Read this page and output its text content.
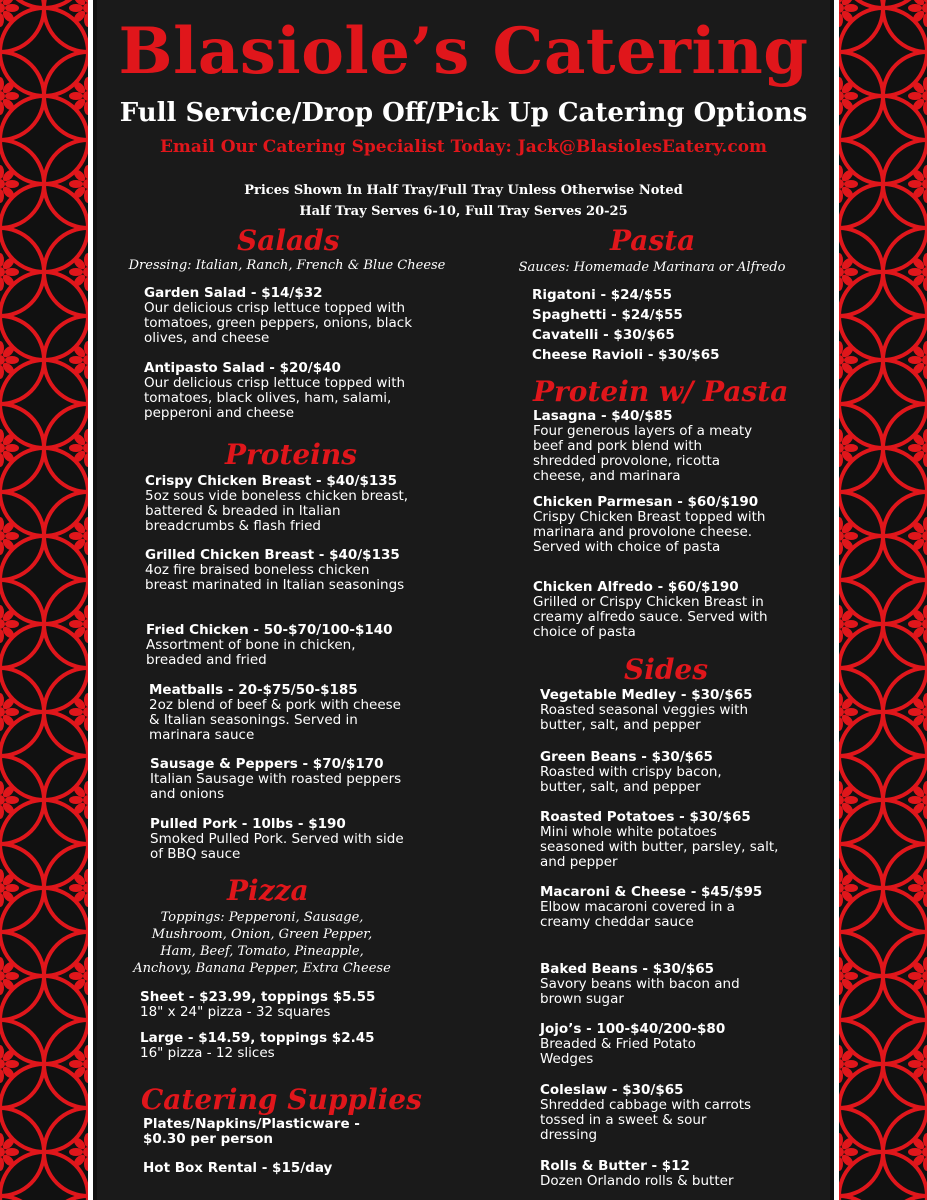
Blasiole’s Catering
Full Service/Drop Off/Pick Up Catering Options
Email Our Catering Specialist Today: Jack@BlasiolesEatery.com
Prices Shown In Half Tray/Full Tray Unless Otherwise Noted
Half Tray Serves 6-10, Full Tray Serves 20-25
Salads
Dressing: Italian, Ranch, French & Blue Cheese
Garden Salad - $14/$32
Our delicious crisp lettuce topped with tomatoes, green peppers, onions, black olives, and cheese
Antipasto Salad - $20/$40
Our delicious crisp lettuce topped with tomatoes, black olives, ham, salami, pepperoni and cheese
Proteins
Crispy Chicken Breast - $40/$135
5oz sous vide boneless chicken breast, battered & breaded in Italian breadcrumbs & flash fried
Grilled Chicken Breast - $40/$135
4oz fire braised boneless chicken breast marinated in Italian seasonings
Fried Chicken - 50-$70/100-$140
Assortment of bone in chicken, breaded and fried
Meatballs - 20-$75/50-$185
2oz blend of beef & pork with cheese & Italian seasonings. Served in marinara sauce
Sausage & Peppers - $70/$170
Italian Sausage with roasted peppers and onions
Pulled Pork - 10lbs - $190
Smoked Pulled Pork. Served with side of BBQ sauce
Pizza
Toppings: Pepperoni, Sausage, Mushroom, Onion, Green Pepper, Ham, Beef, Tomato, Pineapple, Anchovy, Banana Pepper, Extra Cheese
Sheet - $23.99, toppings $5.55
18" x 24" pizza - 32 squares
Large - $14.59, toppings $2.45
16" pizza - 12 slices
Catering Supplies
Plates/Napkins/Plasticware - $0.30 per person
Hot Box Rental - $15/day
Pasta
Sauces: Homemade Marinara or Alfredo
Rigatoni - $24/$55
Spaghetti - $24/$55
Cavatelli - $30/$65
Cheese Ravioli - $30/$65
Protein w/ Pasta
Lasagna - $40/$85
Four generous layers of a meaty beef and pork blend with shredded provolone, ricotta cheese, and marinara
Chicken Parmesan - $60/$190
Crispy Chicken Breast topped with marinara and provolone cheese. Served with choice of pasta
Chicken Alfredo - $60/$190
Grilled or Crispy Chicken Breast in creamy alfredo sauce. Served with choice of pasta
Sides
Vegetable Medley - $30/$65
Roasted seasonal veggies with butter, salt, and pepper
Green Beans - $30/$65
Roasted with crispy bacon, butter, salt, and pepper
Roasted Potatoes - $30/$65
Mini whole white potatoes seasoned with butter, parsley, salt, and pepper
Macaroni & Cheese - $45/$95
Elbow macaroni covered in a creamy cheddar sauce
Baked Beans - $30/$65
Savory beans with bacon and brown sugar
Jojo’s - 100-$40/200-$80
Breaded & Fried Potato Wedges
Coleslaw - $30/$65
Shredded cabbage with carrots tossed in a sweet & sour dressing
Rolls & Butter - $12
Dozen Orlando rolls & butter
